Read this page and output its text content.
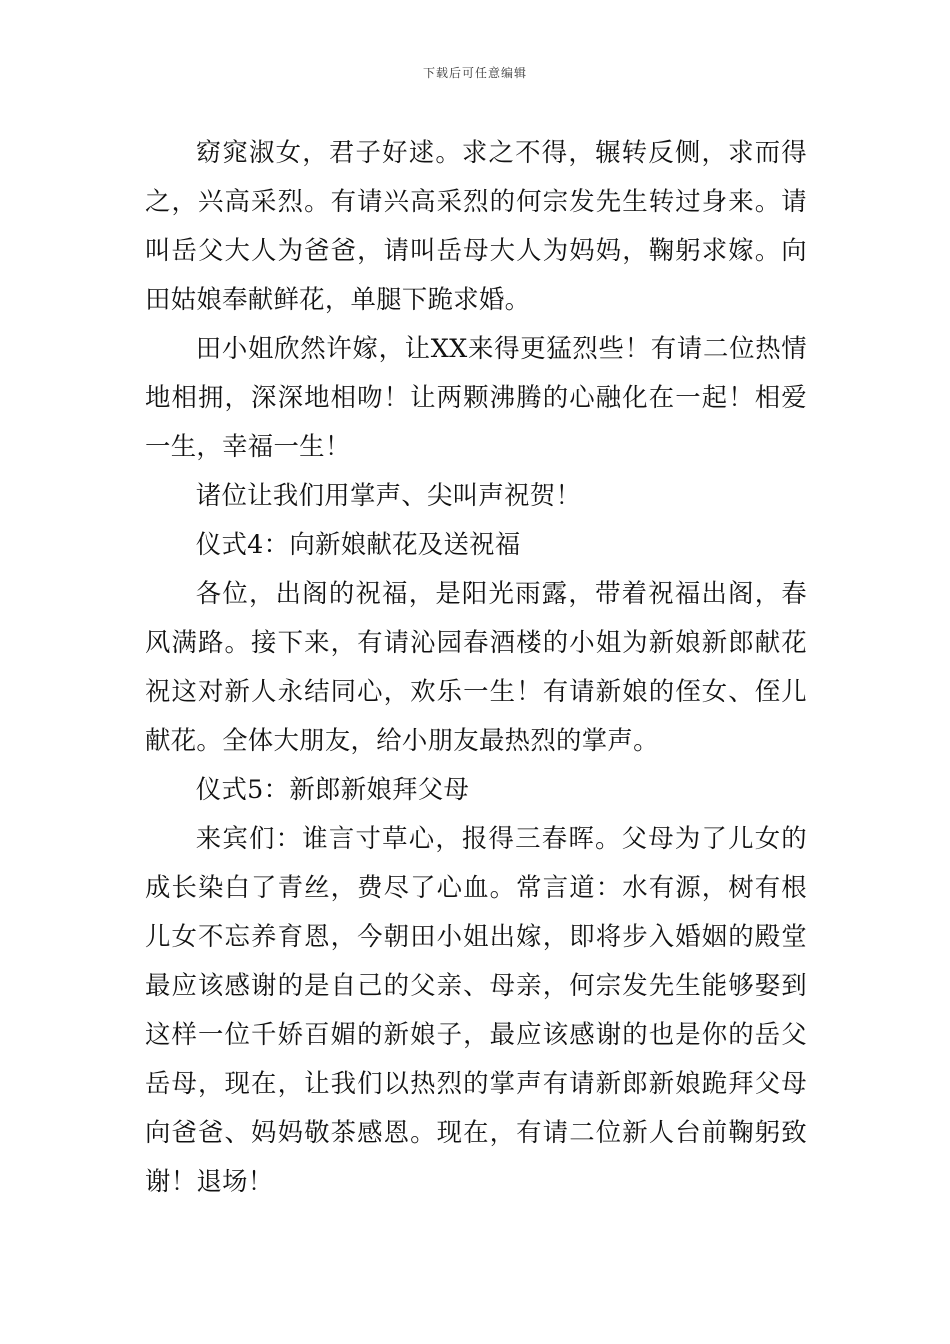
下载后可任意编辑

窈窕淑女，君子好逑。求之不得，辗转反侧，求而得之，兴高采烈。有请兴高采烈的何宗发先生转过身来。请叫岳父大人为爸爸，请叫岳母大人为妈妈，鞠躬求嫁。向田姑娘奉献鲜花，单腿下跪求婚。

田小姐欣然许嫁，让XX来得更猛烈些！有请二位热情地相拥，深深地相吻！让两颗沸腾的心融化在一起！相爱一生，幸福一生！

诸位让我们用掌声、尖叫声祝贺！

仪式4：向新娘献花及送祝福

各位，出阁的祝福，是阳光雨露，带着祝福出阁，春风满路。接下来，有请沁园春酒楼的小姐为新娘新郎献花祝这对新人永结同心，欢乐一生！有请新娘的侄女、侄儿献花。全体大朋友，给小朋友最热烈的掌声。

仪式5：新郎新娘拜父母

来宾们：谁言寸草心，报得三春晖。父母为了儿女的成长染白了青丝，费尽了心血。常言道：水有源，树有根儿女不忘养育恩，今朝田小姐出嫁，即将步入婚姻的殿堂最应该感谢的是自己的父亲、母亲，何宗发先生能够娶到这样一位千娇百媚的新娘子，最应该感谢的也是你的岳父岳母，现在，让我们以热烈的掌声有请新郎新娘跪拜父母向爸爸、妈妈敬茶感恩。现在，有请二位新人台前鞠躬致谢！退场！
